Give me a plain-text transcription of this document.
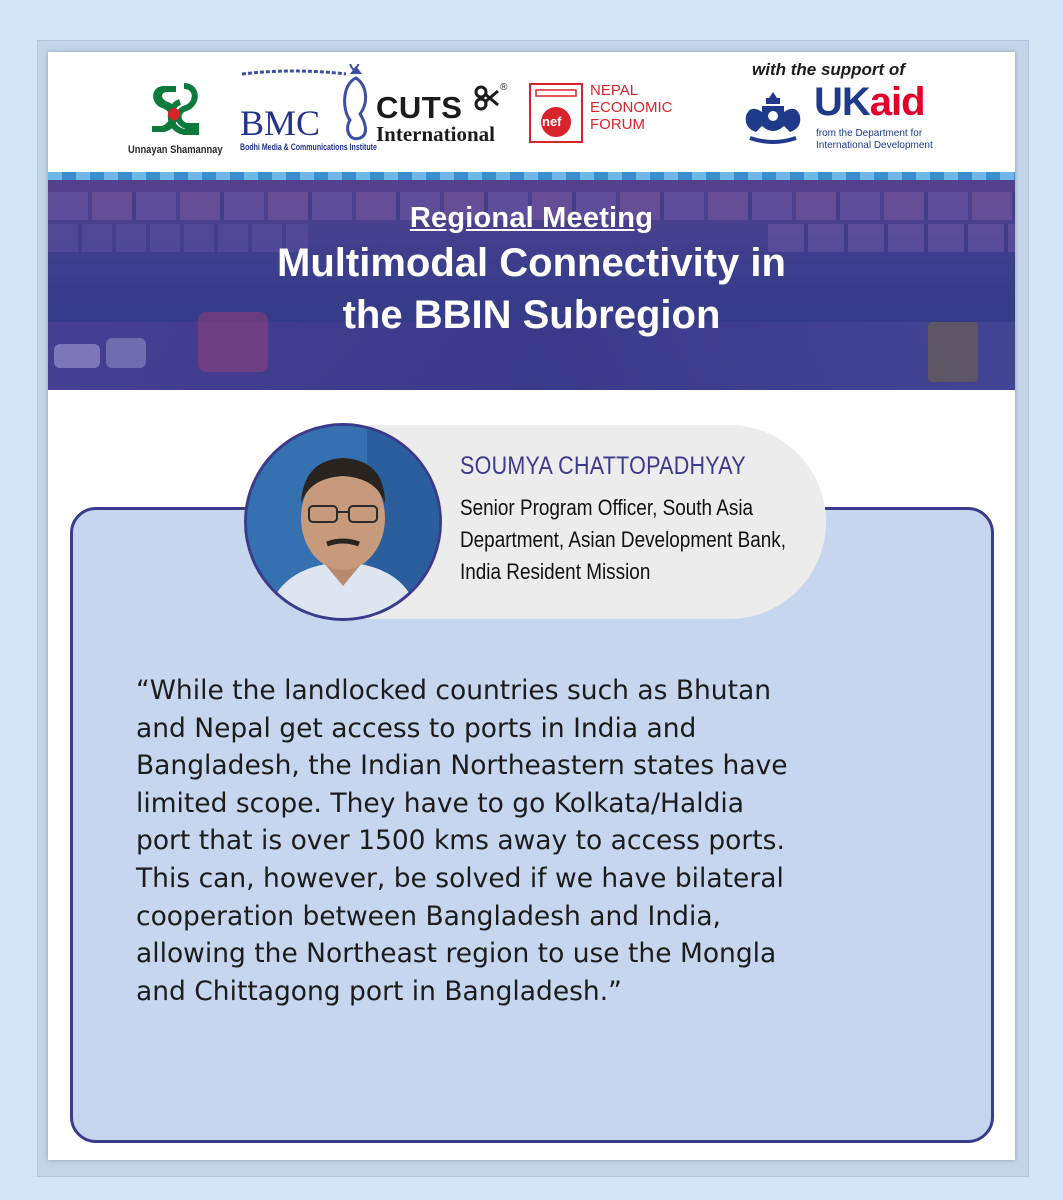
Unnayan Shamannay
BMC
Bodhi Media & Communications Institute
CUTS
®
International
nef
NEPAL
ECONOMIC
FORUM
with the support of
UKaid
from the Department for
International Development
Regional Meeting
Multimodal Connectivity in
the BBIN Subregion
SOUMYA CHATTOPADHYAY
Senior Program Officer, South Asia
Department, Asian Development Bank,
India Resident Mission
“While the landlocked countries such as Bhutan
and Nepal get access to ports in India and
Bangladesh, the Indian Northeastern states have
limited scope. They have to go Kolkata/Haldia
port that is over 1500 kms away to access ports.
This can, however, be solved if we have bilateral
cooperation between Bangladesh and India,
allowing the Northeast region to use the Mongla
and Chittagong port in Bangladesh.”
